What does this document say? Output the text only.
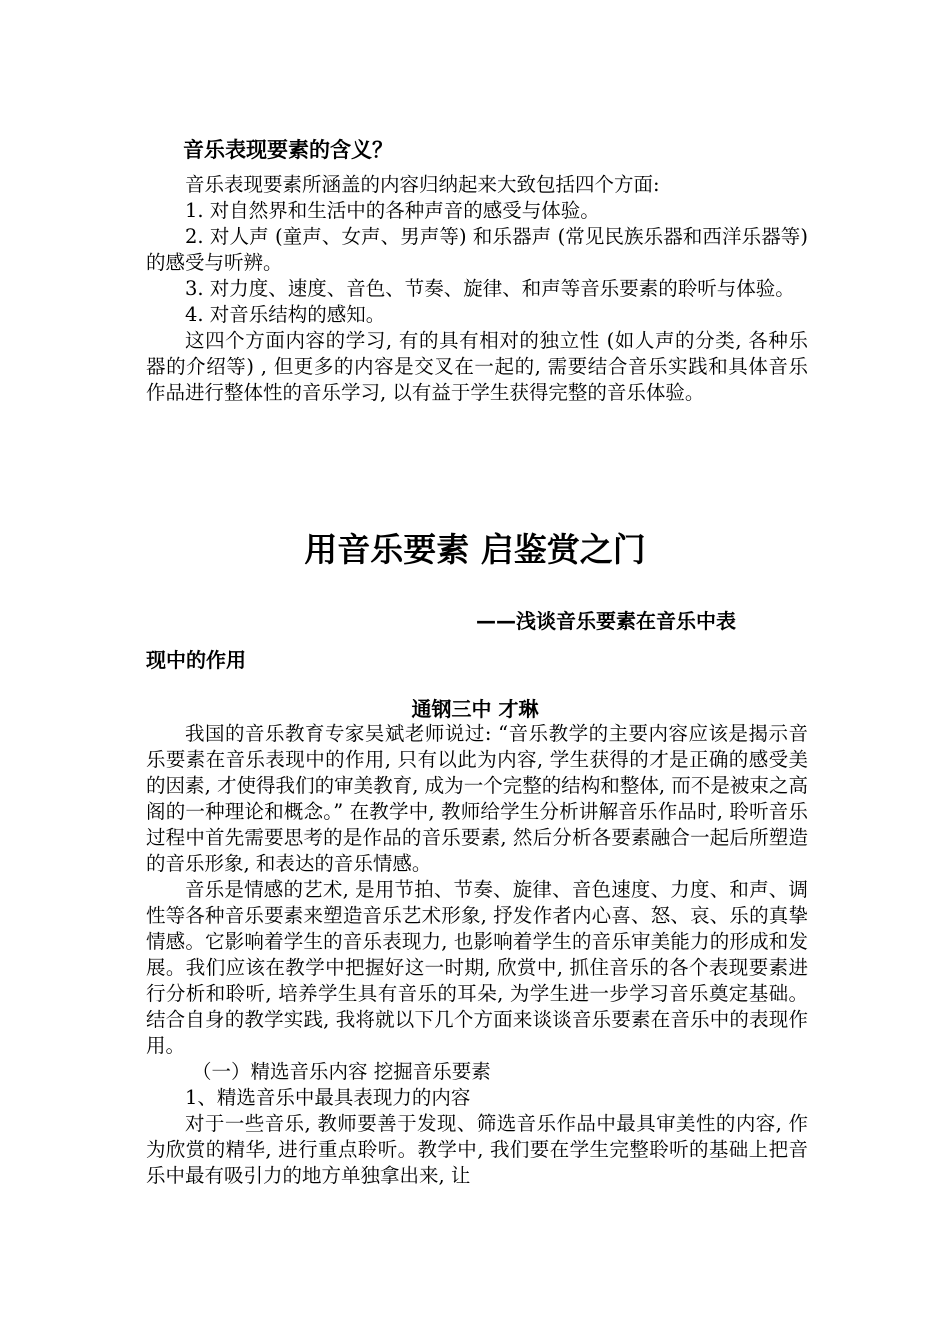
音乐表现要素的含义？

音乐表现要素所涵盖的内容归纳起来大致包括四个方面:

1. 对自然界和生活中的各种声音的感受与体验。

2. 对人声 (童声、女声、男声等) 和乐器声 (常见民族乐器和西洋乐器等) 的感受与听辨。

3. 对力度、速度、音色、节奏、旋律、和声等音乐要素的聆听与体验。

4. 对音乐结构的感知。

这四个方面内容的学习, 有的具有相对的独立性 (如人声的分类, 各种乐器的介绍等) , 但更多的内容是交叉在一起的, 需要结合音乐实践和具体音乐作品进行整体性的音乐学习, 以有益于学生获得完整的音乐体验。

用音乐要素 启鉴赏之门

——浅谈音乐要素在音乐中表

现中的作用

通钢三中 才琳

我国的音乐教育专家吴斌老师说过: “音乐教学的主要内容应该是揭示音乐要素在音乐表现中的作用, 只有以此为内容, 学生获得的才是正确的感受美的因素, 才使得我们的审美教育, 成为一个完整的结构和整体, 而不是被束之高阁的一种理论和概念。” 在教学中, 教师给学生分析讲解音乐作品时, 聆听音乐过程中首先需要思考的是作品的音乐要素, 然后分析各要素融合一起后所塑造的音乐形象, 和表达的音乐情感。

音乐是情感的艺术, 是用节拍、节奏、旋律、音色速度、力度、和声、调性等各种音乐要素来塑造音乐艺术形象, 抒发作者内心喜、怒、哀、乐的真挚情感。它影响着学生的音乐表现力, 也影响着学生的音乐审美能力的形成和发展。我们应该在教学中把握好这一时期, 欣赏中, 抓住音乐的各个表现要素进行分析和聆听, 培养学生具有音乐的耳朵, 为学生进一步学习音乐奠定基础。结合自身的教学实践, 我将就以下几个方面来谈谈音乐要素在音乐中的表现作用。

（一）精选音乐内容 挖掘音乐要素

1、精选音乐中最具表现力的内容

对于一些音乐, 教师要善于发现、筛选音乐作品中最具审美性的内容, 作为欣赏的精华, 进行重点聆听。教学中, 我们要在学生完整聆听的基础上把音乐中最有吸引力的地方单独拿出来, 让
